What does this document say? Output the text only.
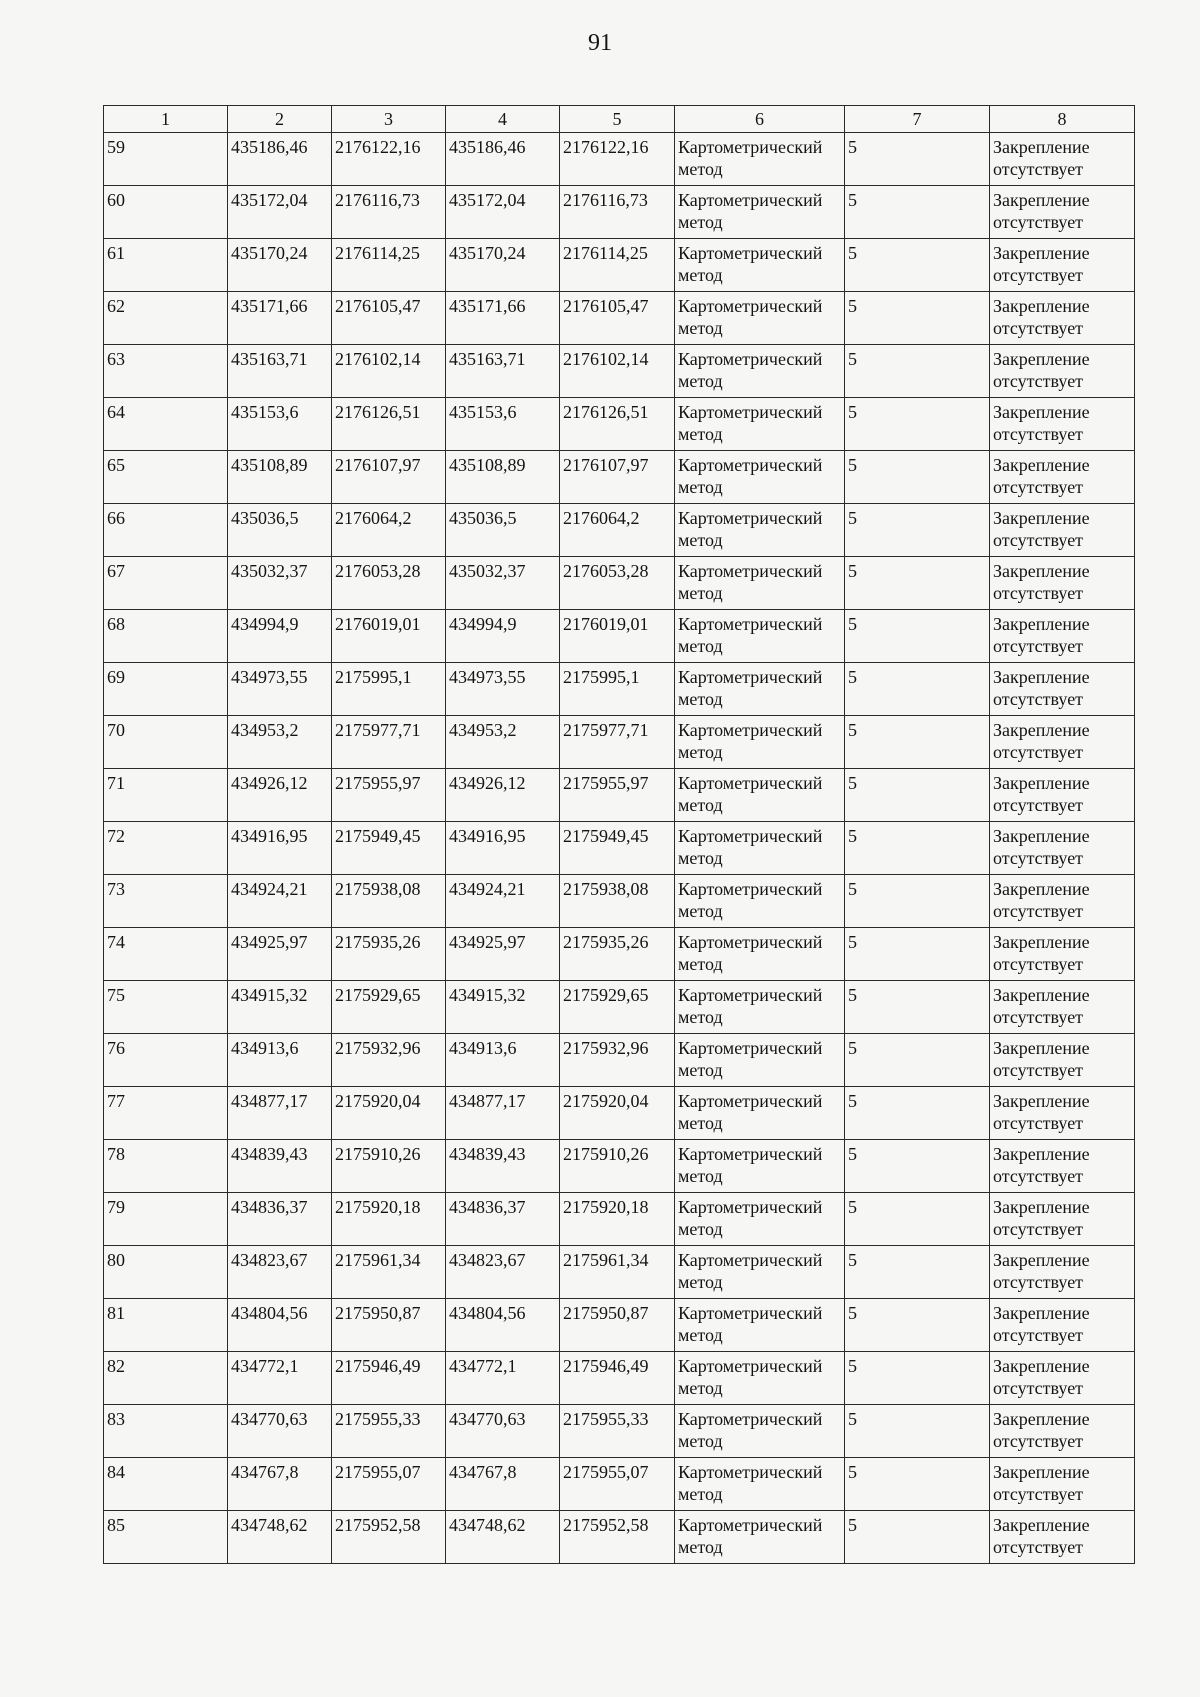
91
1	2	3	4	5	6	7	8
59	435186,46	2176122,16	435186,46	2176122,16	Картометрический метод	5	Закрепление отсутствует
60	435172,04	2176116,73	435172,04	2176116,73	Картометрический метод	5	Закрепление отсутствует
61	435170,24	2176114,25	435170,24	2176114,25	Картометрический метод	5	Закрепление отсутствует
62	435171,66	2176105,47	435171,66	2176105,47	Картометрический метод	5	Закрепление отсутствует
63	435163,71	2176102,14	435163,71	2176102,14	Картометрический метод	5	Закрепление отсутствует
64	435153,6	2176126,51	435153,6	2176126,51	Картометрический метод	5	Закрепление отсутствует
65	435108,89	2176107,97	435108,89	2176107,97	Картометрический метод	5	Закрепление отсутствует
66	435036,5	2176064,2	435036,5	2176064,2	Картометрический метод	5	Закрепление отсутствует
67	435032,37	2176053,28	435032,37	2176053,28	Картометрический метод	5	Закрепление отсутствует
68	434994,9	2176019,01	434994,9	2176019,01	Картометрический метод	5	Закрепление отсутствует
69	434973,55	2175995,1	434973,55	2175995,1	Картометрический метод	5	Закрепление отсутствует
70	434953,2	2175977,71	434953,2	2175977,71	Картометрический метод	5	Закрепление отсутствует
71	434926,12	2175955,97	434926,12	2175955,97	Картометрический метод	5	Закрепление отсутствует
72	434916,95	2175949,45	434916,95	2175949,45	Картометрический метод	5	Закрепление отсутствует
73	434924,21	2175938,08	434924,21	2175938,08	Картометрический метод	5	Закрепление отсутствует
74	434925,97	2175935,26	434925,97	2175935,26	Картометрический метод	5	Закрепление отсутствует
75	434915,32	2175929,65	434915,32	2175929,65	Картометрический метод	5	Закрепление отсутствует
76	434913,6	2175932,96	434913,6	2175932,96	Картометрический метод	5	Закрепление отсутствует
77	434877,17	2175920,04	434877,17	2175920,04	Картометрический метод	5	Закрепление отсутствует
78	434839,43	2175910,26	434839,43	2175910,26	Картометрический метод	5	Закрепление отсутствует
79	434836,37	2175920,18	434836,37	2175920,18	Картометрический метод	5	Закрепление отсутствует
80	434823,67	2175961,34	434823,67	2175961,34	Картометрический метод	5	Закрепление отсутствует
81	434804,56	2175950,87	434804,56	2175950,87	Картометрический метод	5	Закрепление отсутствует
82	434772,1	2175946,49	434772,1	2175946,49	Картометрический метод	5	Закрепление отсутствует
83	434770,63	2175955,33	434770,63	2175955,33	Картометрический метод	5	Закрепление отсутствует
84	434767,8	2175955,07	434767,8	2175955,07	Картометрический метод	5	Закрепление отсутствует
85	434748,62	2175952,58	434748,62	2175952,58	Картометрический метод	5	Закрепление отсутствует
